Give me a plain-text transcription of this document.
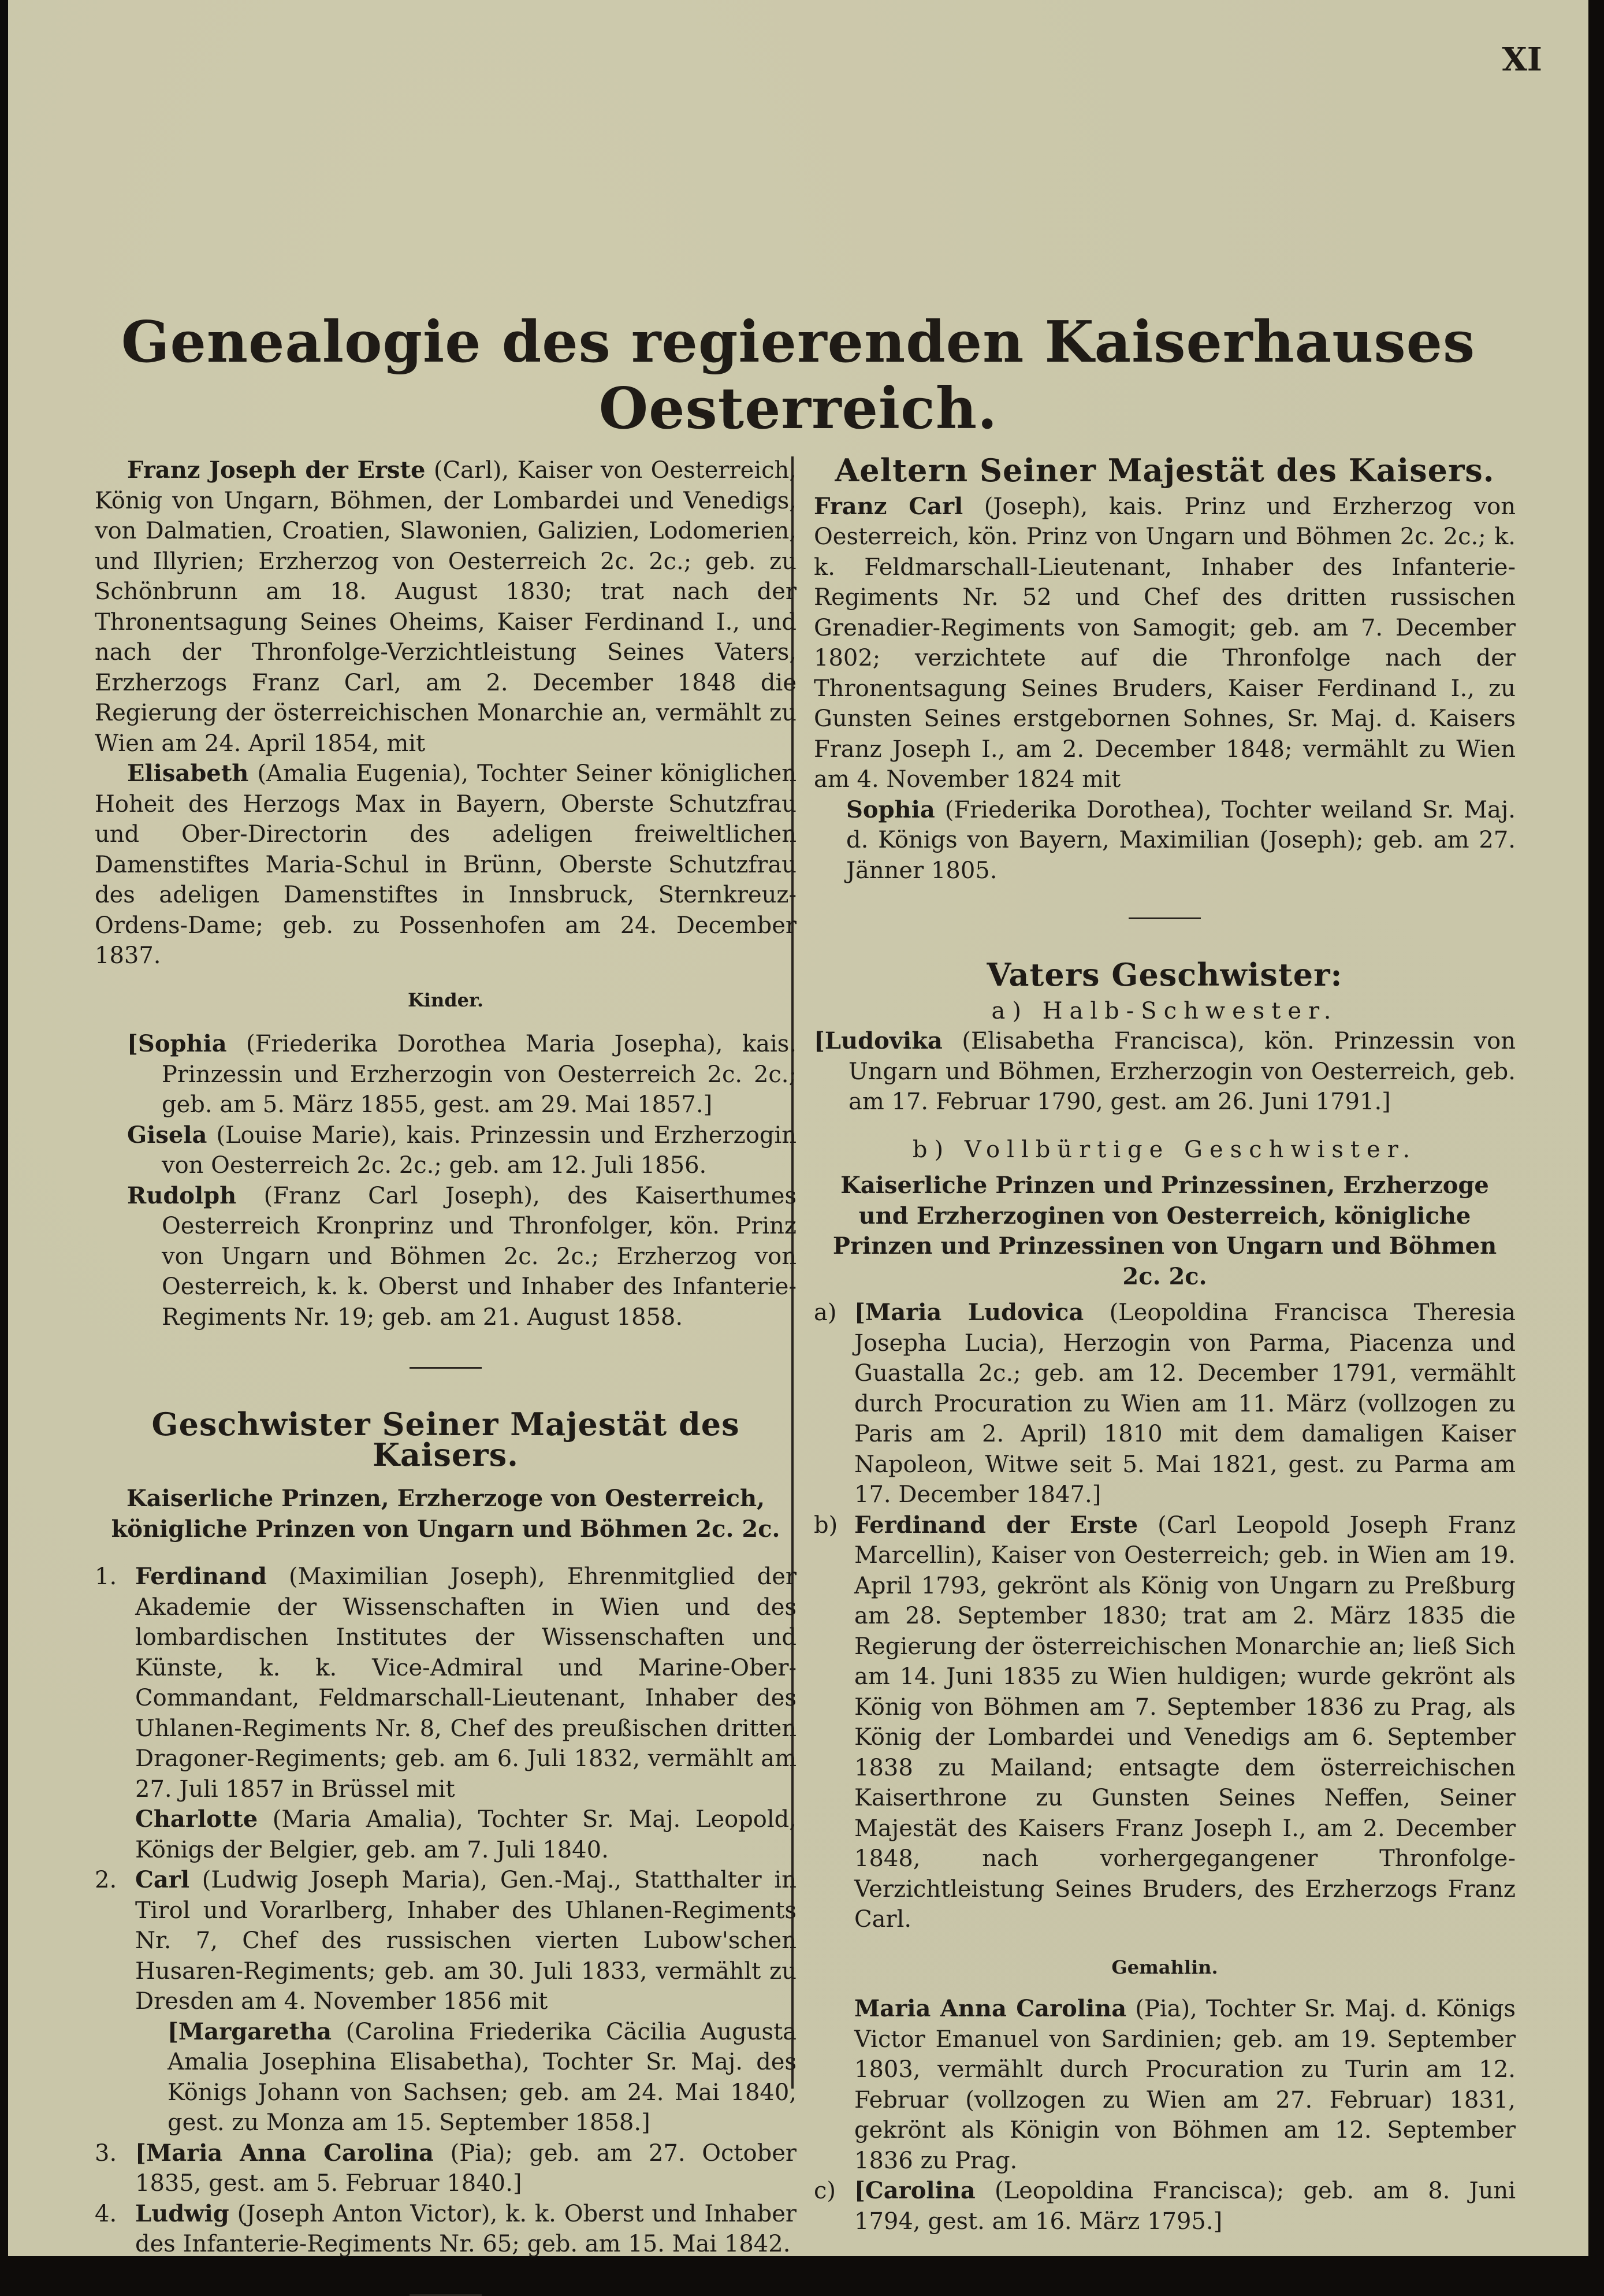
XI
Genealogie des regierenden Kaiserhauses Oesterreich.

Franz Joseph der Erste (Carl), Kaiser von Oesterreich, König von Ungarn, Böhmen, der Lombardei und Venedigs, von Dalmatien, Croatien, Slawonien, Galizien, Lodomerien, und Illyrien; Erzherzog von Oesterreich 2c. 2c.; geb. zu Schönbrunn am 18. August 1830; trat nach der Thronentsagung Seines Oheims, Kaiser Ferdinand I., und nach der Thronfolge-Verzichtleistung Seines Vaters, Erzherzogs Franz Carl, am 2. December 1848 die Regierung der österreichischen Monarchie an, vermählt zu Wien am 24. April 1854, mit

Elisabeth (Amalia Eugenia), Tochter Seiner königlichen Hoheit des Herzogs Max in Bayern, Oberste Schutzfrau und Ober-Directorin des adeligen freiweltlichen Damenstiftes Maria-Schul in Brünn, Oberste Schutzfrau des adeligen Damenstiftes in Innsbruck, Sternkreuz-Ordens-Dame; geb. zu Possenhofen am 24. December 1837.

Kinder.

[Sophia (Friederika Dorothea Maria Josepha), kais. Prinzessin und Erzherzogin von Oesterreich 2c. 2c.; geb. am 5. März 1855, gest. am 29. Mai 1857.]

Gisela (Louise Marie), kais. Prinzessin und Erzherzogin von Oesterreich 2c. 2c.; geb. am 12. Juli 1856.

Rudolph (Franz Carl Joseph), des Kaiserthumes Oesterreich Kronprinz und Thronfolger, kön. Prinz von Ungarn und Böhmen 2c. 2c.; Erzherzog von Oesterreich, k. k. Oberst und Inhaber des Infanterie-Regiments Nr. 19; geb. am 21. August 1858.

Geschwister Seiner Majestät des Kaisers.

Kaiserliche Prinzen, Erzherzoge von Oesterreich, königliche Prinzen von Ungarn und Böhmen 2c. 2c.

1. Ferdinand (Maximilian Joseph), Ehrenmitglied der Akademie der Wissenschaften in Wien und des lombardischen Institutes der Wissenschaften und Künste, k. k. Vice-Admiral und Marine-Ober-Commandant, Feldmarschall-Lieutenant, Inhaber des Uhlanen-Regiments Nr. 8, Chef des preußischen dritten Dragoner-Regiments; geb. am 6. Juli 1832, vermählt am 27. Juli 1857 in Brüssel mit

Charlotte (Maria Amalia), Tochter Sr. Maj. Leopold, Königs der Belgier, geb. am 7. Juli 1840.

2. Carl (Ludwig Joseph Maria), Gen.-Maj., Statthalter in Tirol und Vorarlberg, Inhaber des Uhlanen-Regiments Nr. 7, Chef des russischen vierten Lubow'schen Husaren-Regiments; geb. am 30. Juli 1833, vermählt zu Dresden am 4. November 1856 mit

[Margaretha (Carolina Friederika Cäcilia Augusta Amalia Josephina Elisabetha), Tochter Sr. Maj. des Königs Johann von Sachsen; geb. am 24. Mai 1840, gest. zu Monza am 15. September 1858.]

3. [Maria Anna Carolina (Pia); geb. am 27. October 1835, gest. am 5. Februar 1840.]

4. Ludwig (Joseph Anton Victor), k. k. Oberst und Inhaber des Infanterie-Regiments Nr. 65; geb. am 15. Mai 1842.

Aeltern Seiner Majestät des Kaisers.

Franz Carl (Joseph), kais. Prinz und Erzherzog von Oesterreich, kön. Prinz von Ungarn und Böhmen 2c. 2c.; k. k. Feldmarschall-Lieutenant, Inhaber des Infanterie-Regiments Nr. 52 und Chef des dritten russischen Grenadier-Regiments von Samogit; geb. am 7. December 1802; verzichtete auf die Thronfolge nach der Thronentsagung Seines Bruders, Kaiser Ferdinand I., zu Gunsten Seines erstgebornen Sohnes, Sr. Maj. d. Kaisers Franz Joseph I., am 2. December 1848; vermählt zu Wien am 4. November 1824 mit

Sophia (Friederika Dorothea), Tochter weiland Sr. Maj. d. Königs von Bayern, Maximilian (Joseph); geb. am 27. Jänner 1805.

Vaters Geschwister:

a) Halb-Schwester.

[Ludovika (Elisabetha Francisca), kön. Prinzessin von Ungarn und Böhmen, Erzherzogin von Oesterreich, geb. am 17. Februar 1790, gest. am 26. Juni 1791.]

b) Vollbürtige Geschwister.

Kaiserliche Prinzen und Prinzessinen, Erzherzoge und Erzherzoginen von Oesterreich, königliche Prinzen und Prinzessinen von Ungarn und Böhmen 2c. 2c.

a) [Maria Ludovica (Leopoldina Francisca Theresia Josepha Lucia), Herzogin von Parma, Piacenza und Guastalla 2c.; geb. am 12. December 1791, vermählt durch Procuration zu Wien am 11. März (vollzogen zu Paris am 2. April) 1810 mit dem damaligen Kaiser Napoleon, Witwe seit 5. Mai 1821, gest. zu Parma am 17. December 1847.]

b) Ferdinand der Erste (Carl Leopold Joseph Franz Marcellin), Kaiser von Oesterreich; geb. in Wien am 19. April 1793, gekrönt als König von Ungarn zu Preßburg am 28. September 1830; trat am 2. März 1835 die Regierung der österreichischen Monarchie an; ließ Sich am 14. Juni 1835 zu Wien huldigen; wurde gekrönt als König von Böhmen am 7. September 1836 zu Prag, als König der Lombardei und Venedigs am 6. September 1838 zu Mailand; entsagte dem österreichischen Kaiserthrone zu Gunsten Seines Neffen, Seiner Majestät des Kaisers Franz Joseph I., am 2. December 1848, nach vorhergegangener Thronfolge-Verzichtleistung Seines Bruders, des Erzherzogs Franz Carl.

Gemahlin.

Maria Anna Carolina (Pia), Tochter Sr. Maj. d. Königs Victor Emanuel von Sardinien; geb. am 19. September 1803, vermählt durch Procuration zu Turin am 12. Februar (vollzogen zu Wien am 27. Februar) 1831, gekrönt als Königin von Böhmen am 12. September 1836 zu Prag.

c) [Carolina (Leopoldina Francisca); geb. am 8. Juni 1794, gest. am 16. März 1795.]
